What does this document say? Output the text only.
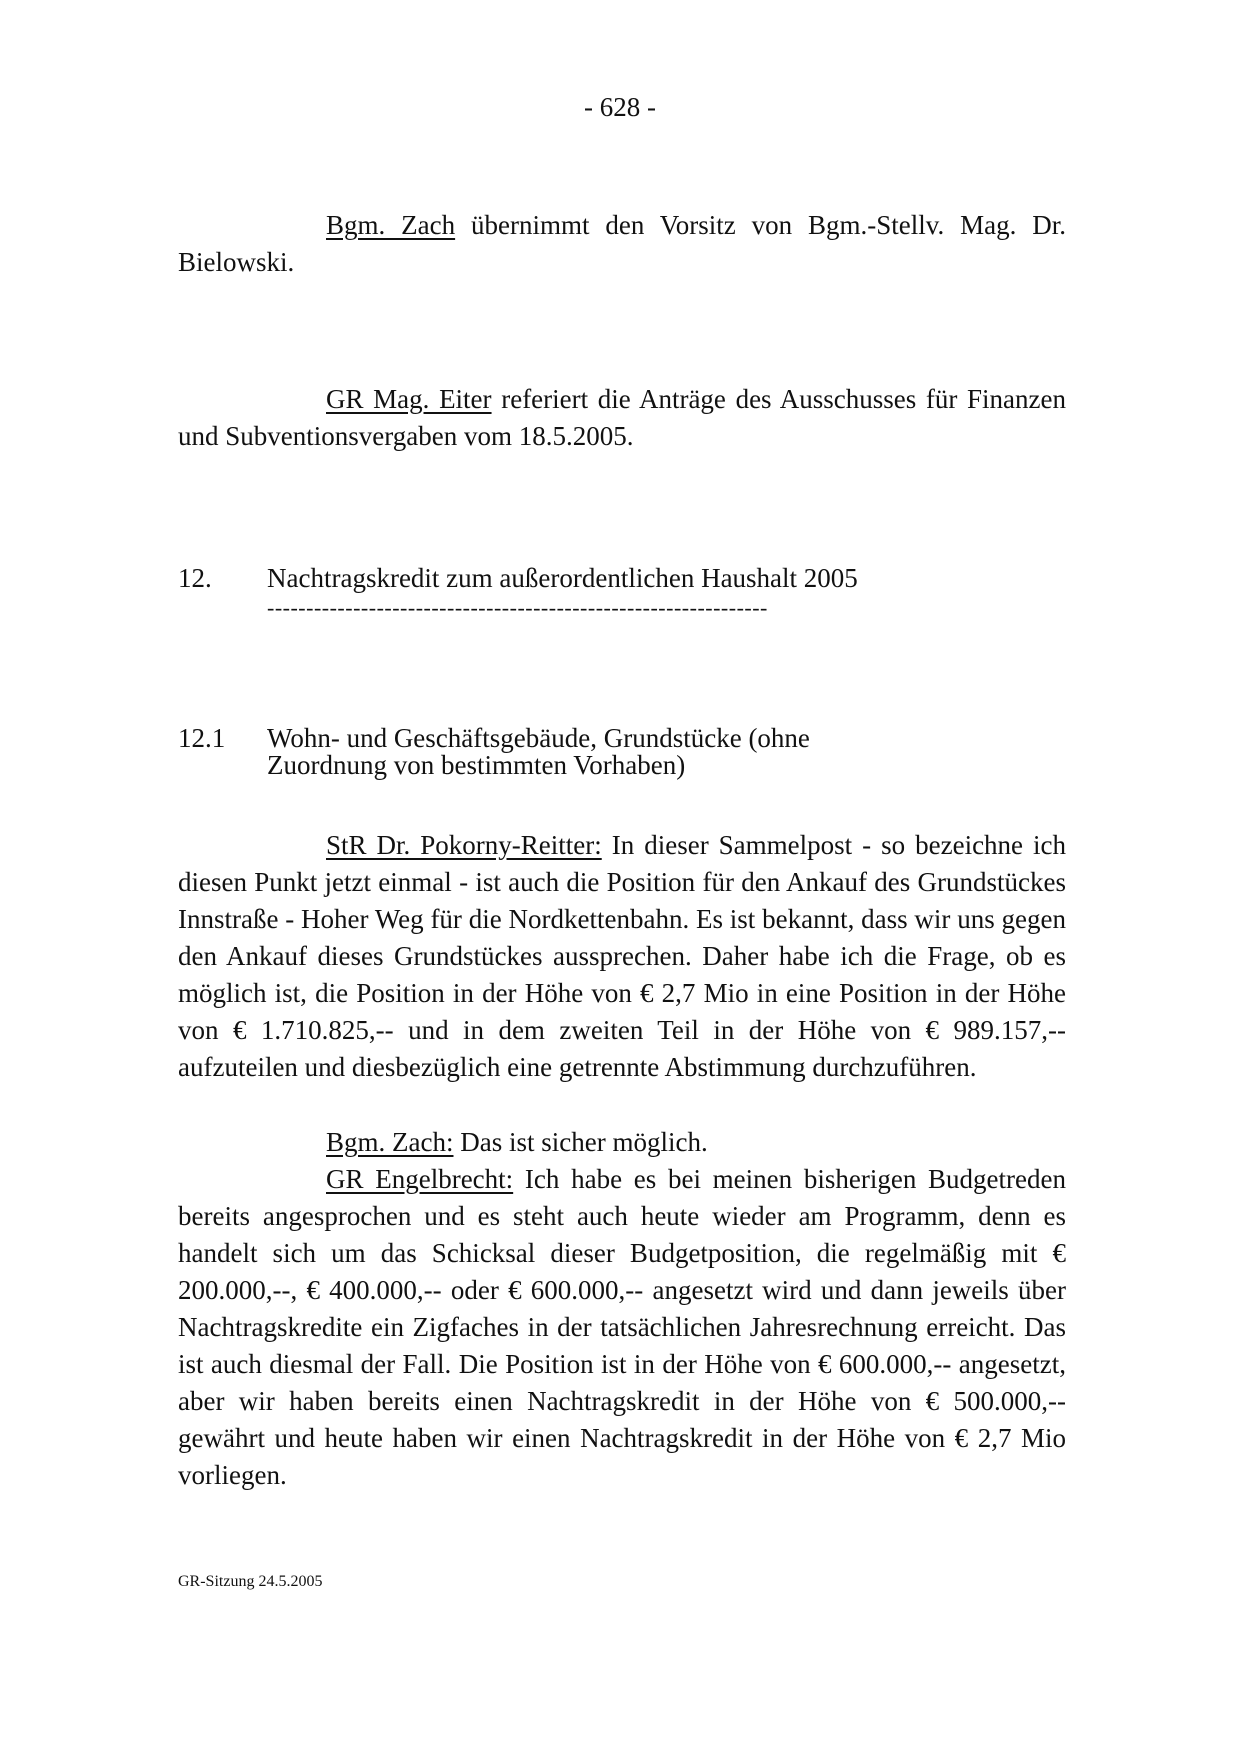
- 628 -
Bgm. Zach übernimmt den Vorsitz von Bgm.-Stellv. Mag. Dr. Bielowski.
GR Mag. Eiter referiert die Anträge des Ausschusses für Finanzen und Subventionsvergaben vom 18.5.2005.
12. Nachtragskredit zum außerordentlichen Haushalt 2005
----------------------------------------------------------------
12.1 Wohn- und Geschäftsgebäude, Grundstücke (ohne Zuordnung von bestimmten Vorhaben)
StR Dr. Pokorny-Reitter: In dieser Sammelpost - so bezeichne ich diesen Punkt jetzt einmal - ist auch die Position für den Ankauf des Grundstückes Innstraße - Hoher Weg für die Nordkettenbahn. Es ist bekannt, dass wir uns gegen den Ankauf dieses Grundstückes aussprechen. Daher habe ich die Frage, ob es möglich ist, die Position in der Höhe von € 2,7 Mio in eine Position in der Höhe von € 1.710.825,-- und in dem zweiten Teil in der Höhe von € 989.157,-- aufzuteilen und diesbezüglich eine getrennte Abstimmung durchzuführen.
Bgm. Zach: Das ist sicher möglich.
GR Engelbrecht: Ich habe es bei meinen bisherigen Budgetreden bereits angesprochen und es steht auch heute wieder am Programm, denn es handelt sich um das Schicksal dieser Budgetposition, die regelmäßig mit € 200.000,--, € 400.000,-- oder € 600.000,-- angesetzt wird und dann jeweils über Nachtragskredite ein Zigfaches in der tatsächlichen Jahresrechnung erreicht. Das ist auch diesmal der Fall. Die Position ist in der Höhe von € 600.000,-- angesetzt, aber wir haben bereits einen Nachtragskredit in der Höhe von € 500.000,-- gewährt und heute haben wir einen Nachtragskredit in der Höhe von € 2,7 Mio vorliegen.
GR-Sitzung 24.5.2005
